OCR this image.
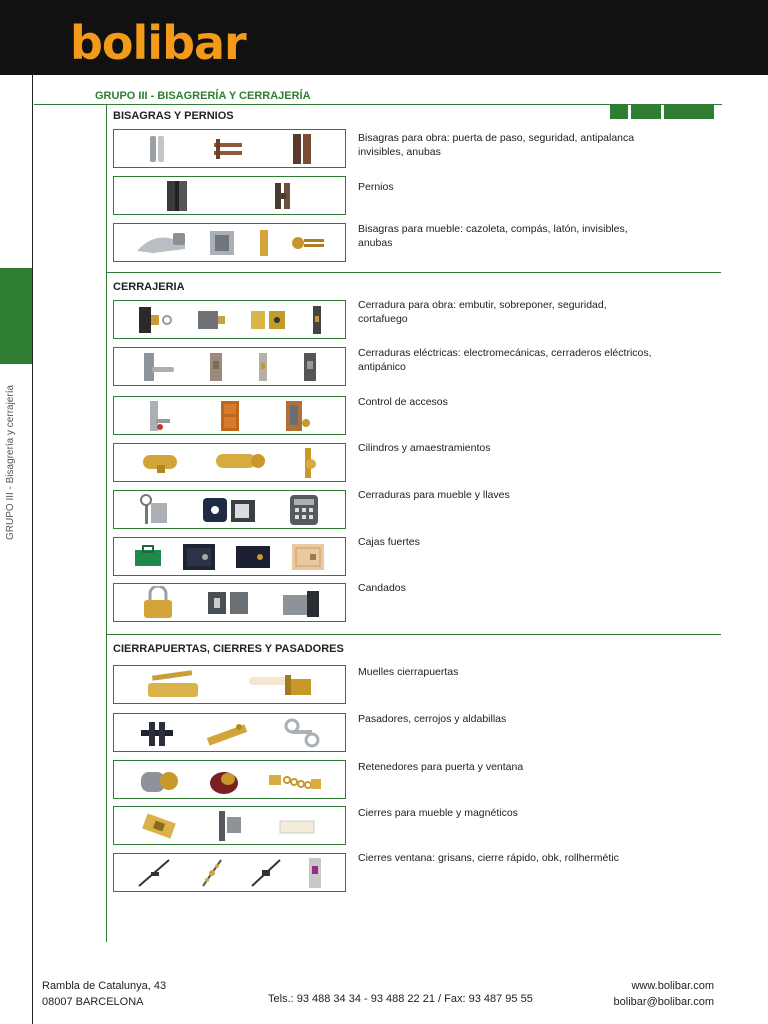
bolibar
GRUPO III - Bisagrería y cerrajería
GRUPO III - BISAGRERÍA Y CERRAJERÍA
BISAGRAS Y PERNIOS
CERRAJERIA
CIERRAPUERTAS, CIERRES Y PASADORES
Bisagras para obra: puerta de paso, seguridad, antipalanca invisibles, anubas
Pernios
Bisagras para mueble: cazoleta, compás, latón, invisibles, anubas
Cerradura para obra: embutir, sobreponer, seguridad, cortafuego
Cerraduras eléctricas: electromecánicas, cerraderos eléctricos, antipánico
Control de accesos
Cilindros y amaestramientos
Cerraduras para mueble y llaves
Cajas fuertes
Candados
Muelles cierrapuertas
Pasadores, cerrojos y aldabillas
Retenedores para puerta y ventana
Cierres para mueble y magnéticos
Cierres ventana: grisans, cierre rápido, obk, rollhermétic
Rambla de Catalunya, 43
08007 BARCELONA	Tels.: 93 488 34 34 - 93 488 22 21 / Fax: 93 487 95 55
www.bolibar.com
bolibar@bolibar.com
